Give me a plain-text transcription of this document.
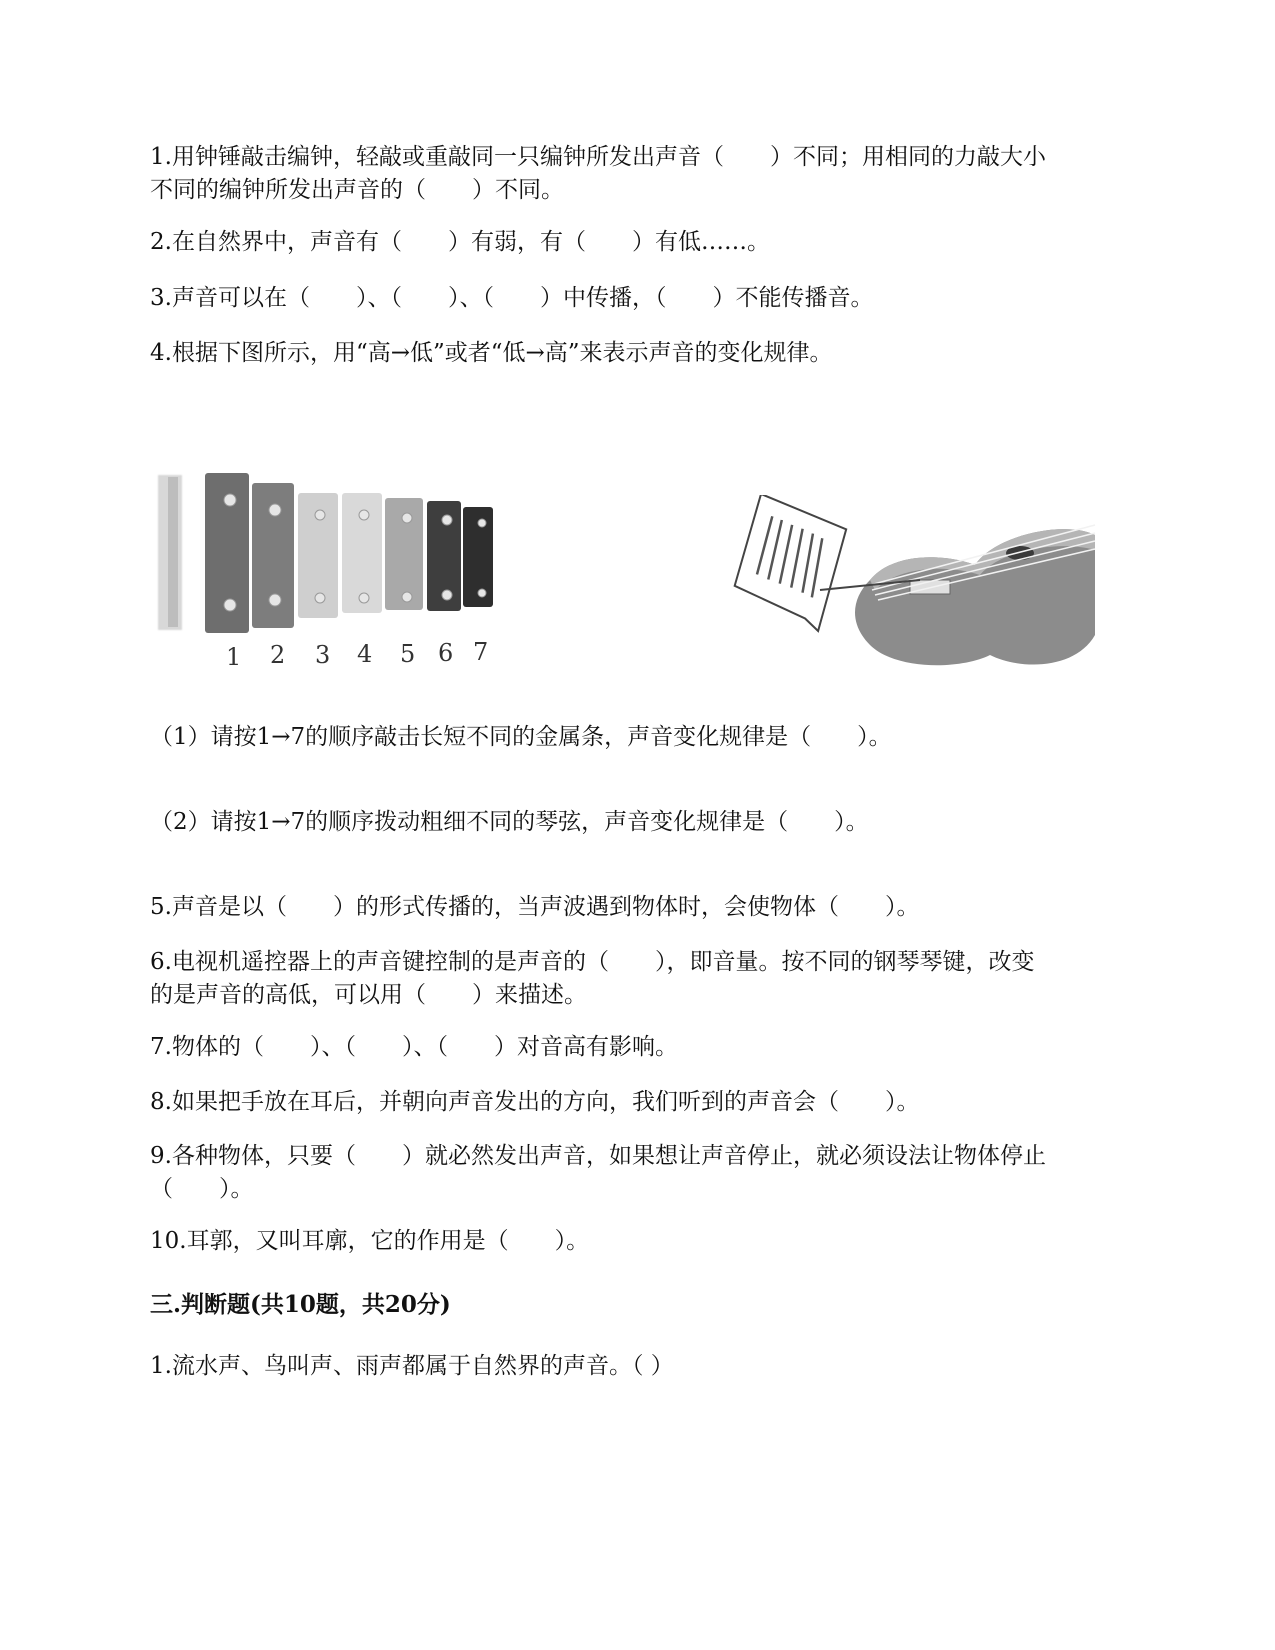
1.用钟锤敲击编钟，轻敲或重敲同一只编钟所发出声音（　　）不同；用相同的力敲大小

不同的编钟所发出声音的（　　）不同。

2.在自然界中，声音有（　　）有弱，有（　　）有低……。

3.声音可以在（　　）、（　　）、（　　）中传播，（　　）不能传播音。

4.根据下图所示，用“高→低”或者“低→高”来表示声音的变化规律。

1 2 3 4 5 6 7

（1）请按1→7的顺序敲击长短不同的金属条，声音变化规律是（　　）。

（2）请按1→7的顺序拨动粗细不同的琴弦，声音变化规律是（　　）。

5.声音是以（　　）的形式传播的，当声波遇到物体时，会使物体（　　）。

6.电视机遥控器上的声音键控制的是声音的（　　），即音量。按不同的钢琴琴键，改变

的是声音的高低，可以用（　　）来描述。

7.物体的（　　）、（　　）、（　　）对音高有影响。

8.如果把手放在耳后，并朝向声音发出的方向，我们听到的声音会（　　）。

9.各种物体，只要（　　）就必然发出声音，如果想让声音停止，就必须设法让物体停止

（　　）。

10.耳郭，又叫耳廓，它的作用是（　　）。

三.判断题(共10题，共20分)

1.流水声、鸟叫声、雨声都属于自然界的声音。（ ）
